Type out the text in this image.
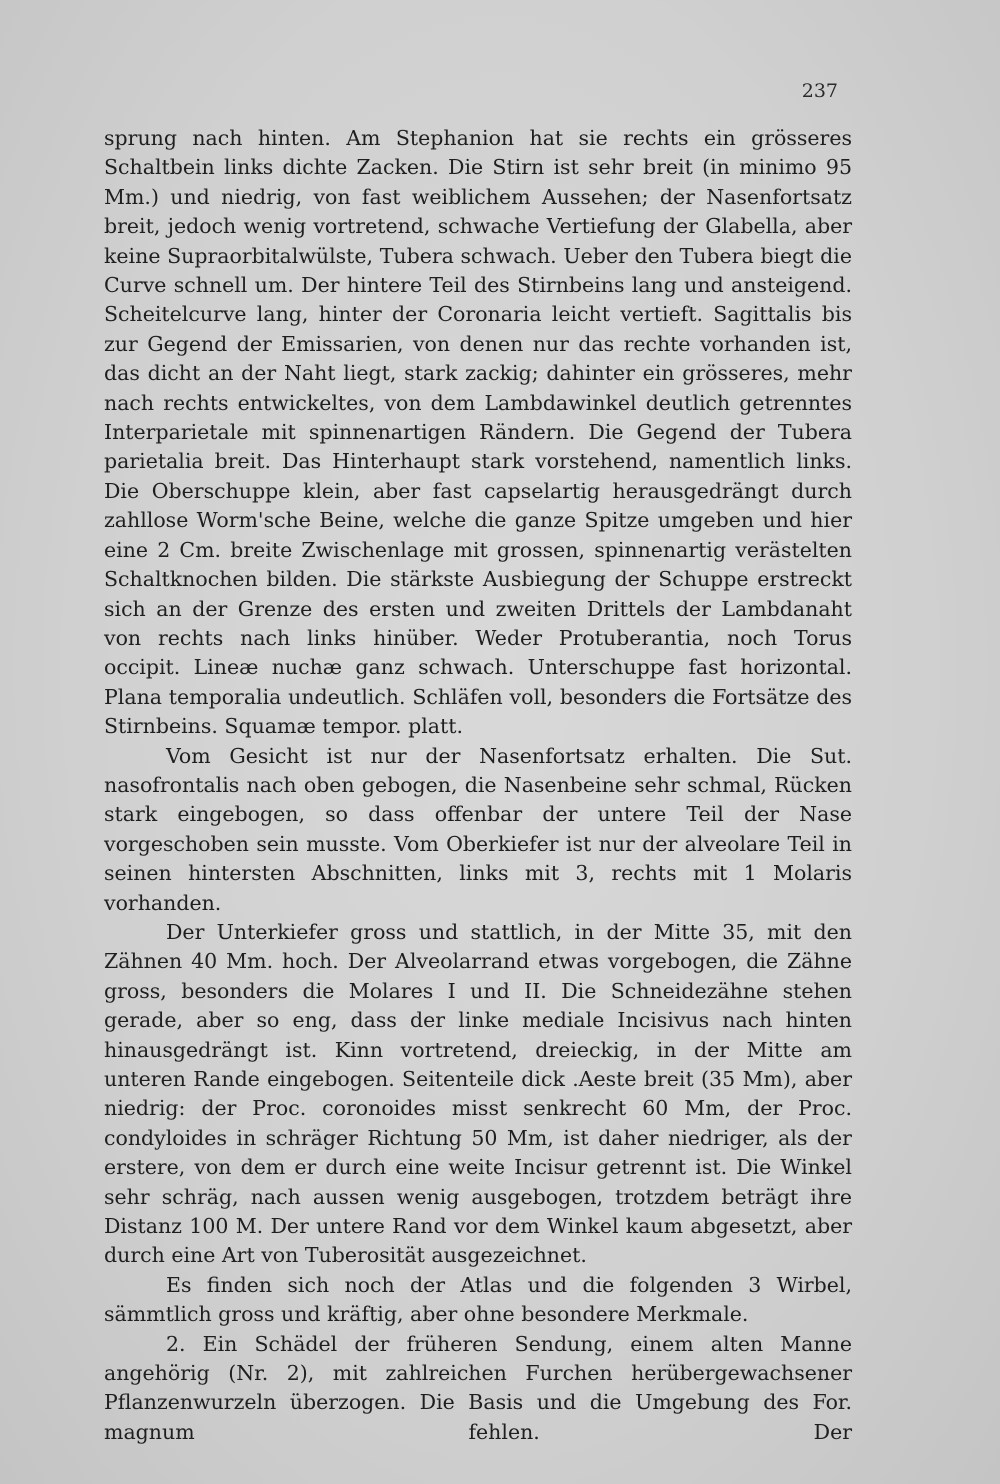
237

sprung nach hinten. Am Stephanion hat sie rechts ein grösseres Schaltbein links dichte Zacken. Die Stirn ist sehr breit (in minimo 95 Mm.) und niedrig, von fast weiblichem Aussehen; der Nasenfortsatz breit, jedoch wenig vortretend, schwache Vertiefung der Glabella, aber keine Supraorbitalwülste, Tubera schwach. Ueber den Tubera biegt die Curve schnell um. Der hintere Teil des Stirnbeins lang und ansteigend. Scheitelcurve lang, hinter der Coronaria leicht vertieft. Sagittalis bis zur Gegend der Emissarien, von denen nur das rechte vorhanden ist, das dicht an der Naht liegt, stark zackig; dahinter ein grösseres, mehr nach rechts entwickeltes, von dem Lambdawinkel deutlich getrenntes Interparietale mit spinnenartigen Rändern. Die Gegend der Tubera parietalia breit. Das Hinterhaupt stark vorstehend, namentlich links. Die Oberschuppe klein, aber fast capselartig herausgedrängt durch zahllose Worm'sche Beine, welche die ganze Spitze umgeben und hier eine 2 Cm. breite Zwischenlage mit grossen, spinnenartig verästelten Schaltknochen bilden. Die stärkste Ausbiegung der Schuppe erstreckt sich an der Grenze des ersten und zweiten Drittels der Lambdanaht von rechts nach links hinüber. Weder Protuberantia, noch Torus occipit. Lineæ nuchæ ganz schwach. Unterschuppe fast horizontal. Plana temporalia undeutlich. Schläfen voll, besonders die Fortsätze des Stirnbeins. Squamæ tempor. platt.

Vom Gesicht ist nur der Nasenfortsatz erhalten. Die Sut. nasofrontalis nach oben gebogen, die Nasenbeine sehr schmal, Rücken stark eingebogen, so dass offenbar der untere Teil der Nase vorgeschoben sein musste. Vom Oberkiefer ist nur der alveolare Teil in seinen hintersten Abschnitten, links mit 3, rechts mit 1 Molaris vorhanden.

Der Unterkiefer gross und stattlich, in der Mitte 35, mit den Zähnen 40 Mm. hoch. Der Alveolarrand etwas vorgebogen, die Zähne gross, besonders die Molares I und II. Die Schneidezähne stehen gerade, aber so eng, dass der linke mediale Incisivus nach hinten hinausgedrängt ist. Kinn vortretend, dreieckig, in der Mitte am unteren Rande eingebogen. Seitenteile dick .Aeste breit (35 Mm), aber niedrig: der Proc. coronoides misst senkrecht 60 Mm, der Proc. condyloides in schräger Richtung 50 Mm, ist daher niedriger, als der erstere, von dem er durch eine weite Incisur getrennt ist. Die Winkel sehr schräg, nach aussen wenig ausgebogen, trotzdem beträgt ihre Distanz 100 M. Der untere Rand vor dem Winkel kaum abgesetzt, aber durch eine Art von Tuberosität ausgezeichnet.

Es finden sich noch der Atlas und die folgenden 3 Wirbel, sämmtlich gross und kräftig, aber ohne besondere Merkmale.

2. Ein Schädel der früheren Sendung, einem alten Manne angehörig (Nr. 2), mit zahlreichen Furchen herübergewachsener Pflanzenwurzeln überzogen. Die Basis und die Umgebung des For. magnum fehlen. Der
